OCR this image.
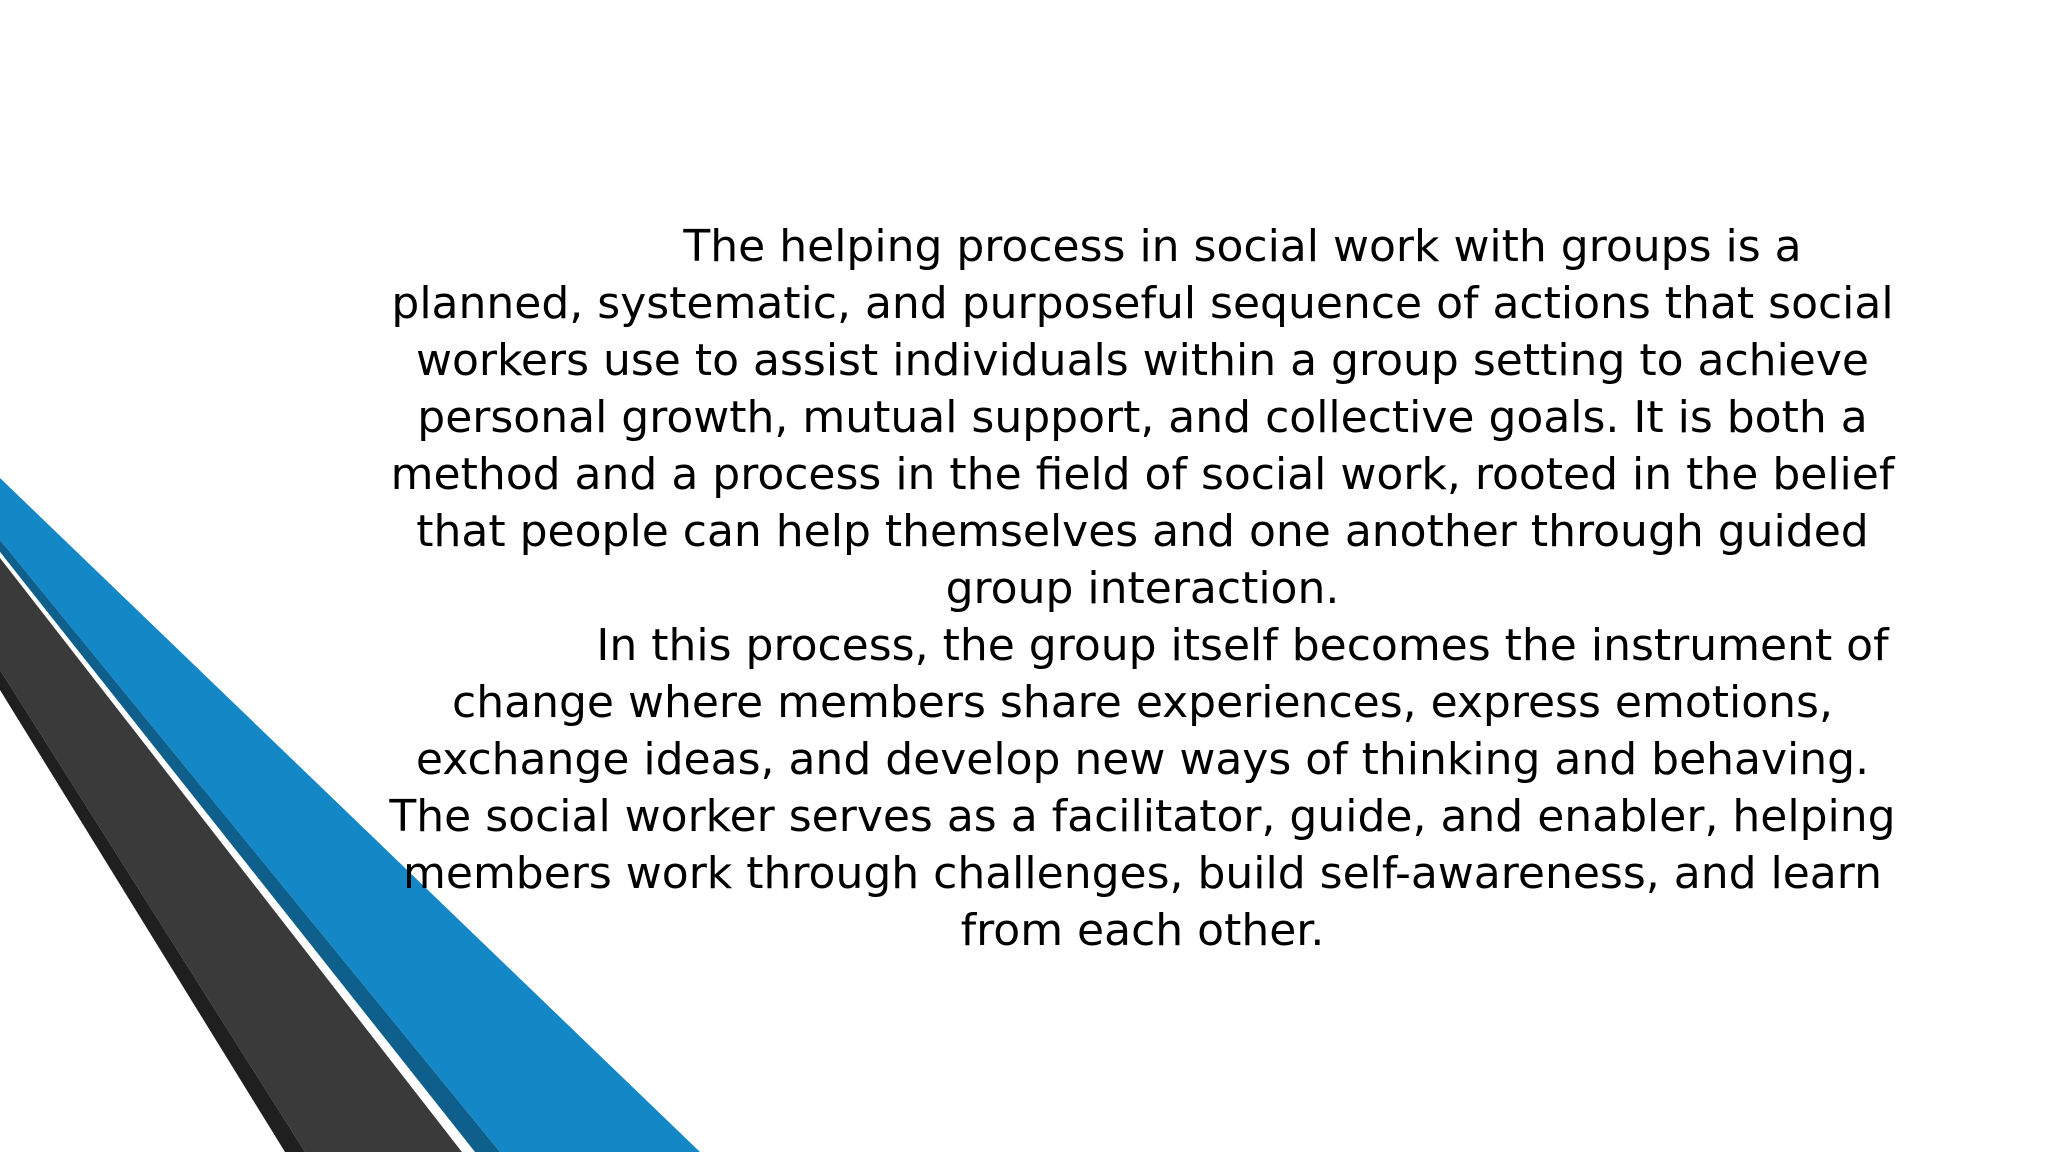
The helping process in social work with groups is a planned, systematic, and purposeful sequence of actions that social workers use to assist individuals within a group setting to achieve personal growth, mutual support, and collective goals. It is both a method and a process in the field of social work, rooted in the belief that people can help themselves and one another through guided group interaction.

In this process, the group itself becomes the instrument of change where members share experiences, express emotions, exchange ideas, and develop new ways of thinking and behaving. The social worker serves as a facilitator, guide, and enabler, helping members work through challenges, build self-awareness, and learn from each other.
